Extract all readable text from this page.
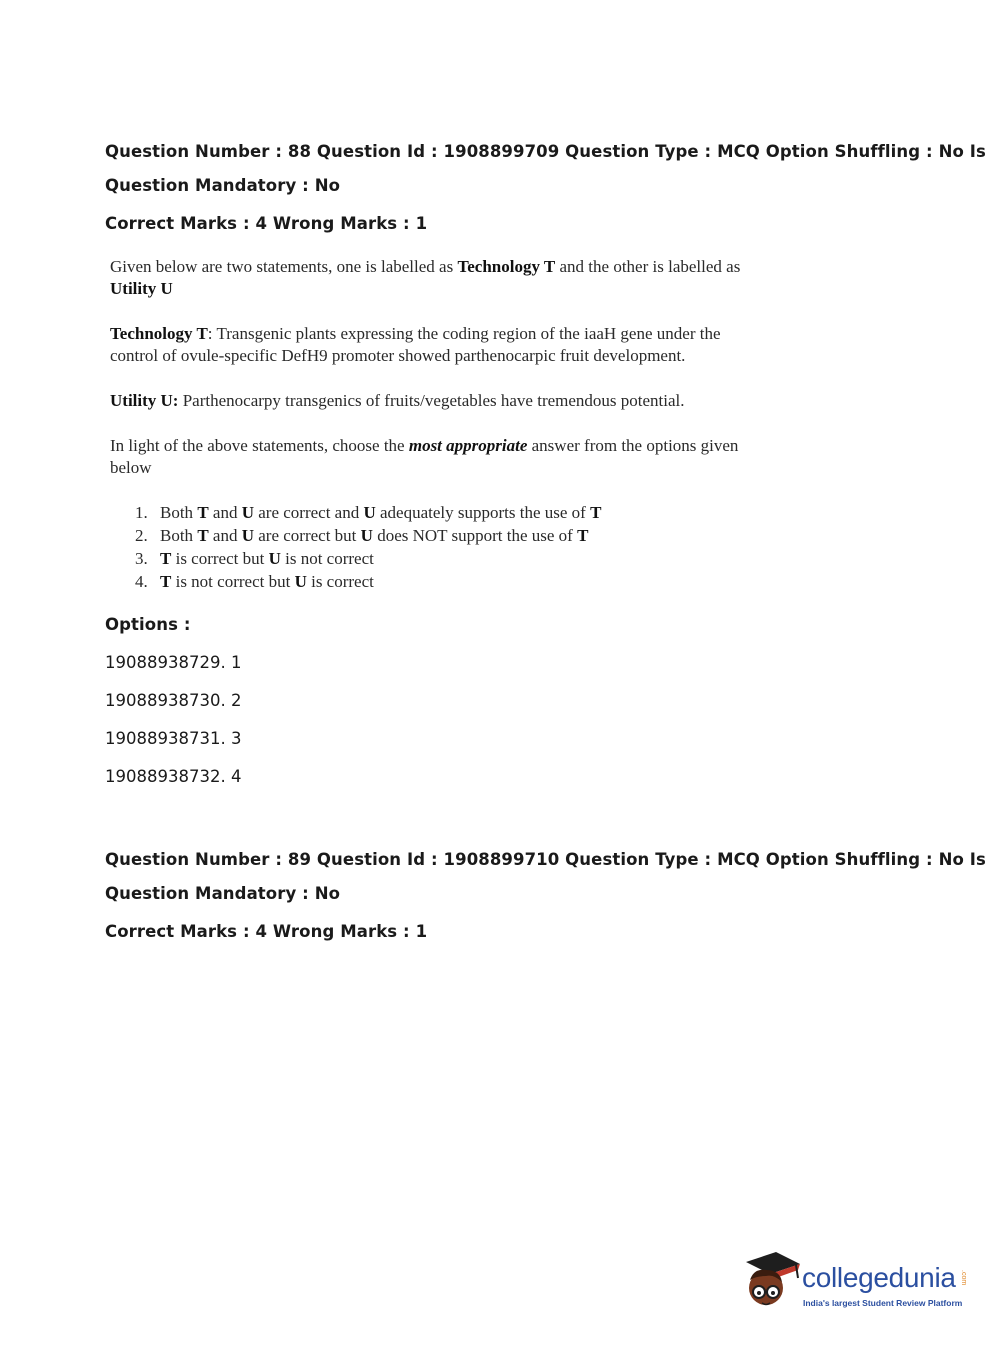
Question Number : 88 Question Id : 1908899709 Question Type : MCQ Option Shuffling : No Is
Question Mandatory : No
Correct Marks : 4 Wrong Marks : 1

Given below are two statements, one is labelled as Technology T and the other is labelled as
Utility U

Technology T: Transgenic plants expressing the coding region of the iaaH gene under the
control of ovule-specific DefH9 promoter showed parthenocarpic fruit development.

Utility U: Parthenocarpy transgenics of fruits/vegetables have tremendous potential.

In light of the above statements, choose the most appropriate answer from the options given
below

1. Both T and U are correct and U adequately supports the use of T
2. Both T and U are correct but U does NOT support the use of T
3. T is correct but U is not correct
4. T is not correct but U is correct
Options :
19088938729. 1
19088938730. 2
19088938731. 3
19088938732. 4
Question Number : 89 Question Id : 1908899710 Question Type : MCQ Option Shuffling : No Is
Question Mandatory : No
Correct Marks : 4 Wrong Marks : 1
collegedunia .com
India's largest Student Review Platform
